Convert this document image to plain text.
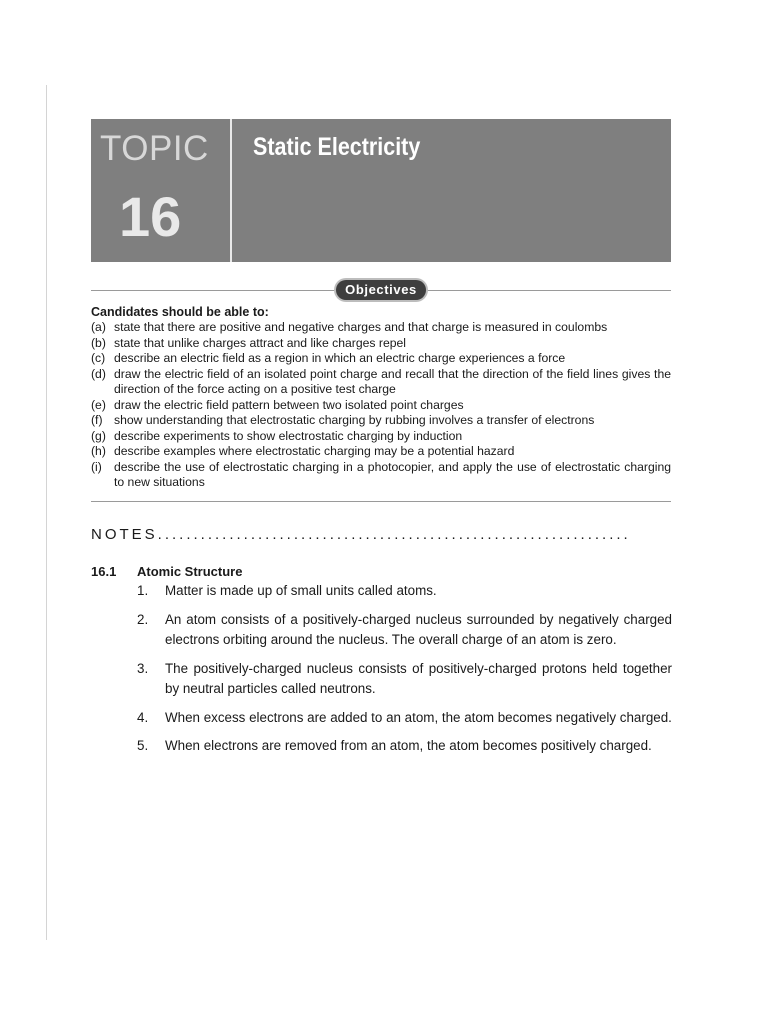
TOPIC
16
Static Electricity
Objectives
Candidates should be able to:
(a) state that there are positive and negative charges and that charge is measured in coulombs
(b) state that unlike charges attract and like charges repel
(c) describe an electric field as a region in which an electric charge experiences a force
(d) draw the electric field of an isolated point charge and recall that the direction of the field lines gives the direction of the force acting on a positive test charge
(e) draw the electric field pattern between two isolated point charges
(f) show understanding that electrostatic charging by rubbing involves a transfer of electrons
(g) describe experiments to show electrostatic charging by induction
(h) describe examples where electrostatic charging may be a potential hazard
(i) describe the use of electrostatic charging in a photocopier, and apply the use of electrostatic charging to new situations
NOTES..................................................................
16.1 Atomic Structure
1.	Matter is made up of small units called atoms.
2.	An atom consists of a positively-charged nucleus surrounded by negatively charged electrons orbiting around the nucleus. The overall charge of an atom is zero.
3.	The positively-charged nucleus consists of positively-charged protons held together by neutral particles called neutrons.
4.	When excess electrons are added to an atom, the atom becomes negatively charged.
5.	When electrons are removed from an atom, the atom becomes positively charged.
